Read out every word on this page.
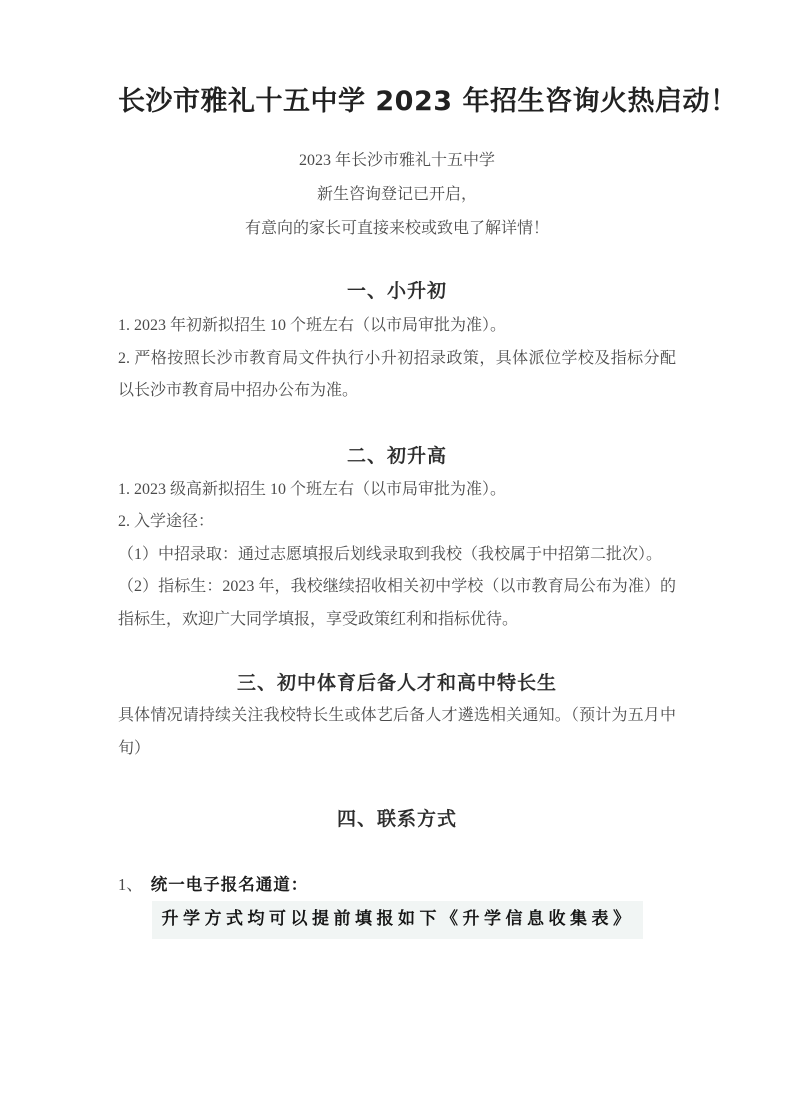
长沙市雅礼十五中学 2023 年招生咨询火热启动！
2023 年长沙市雅礼十五中学
新生咨询登记已开启，
有意向的家长可直接来校或致电了解详情！
一、小升初

1. 2023 年初新拟招生 10 个班左右（以市局审批为准）。

2. 严格按照长沙市教育局文件执行小升初招录政策，具体派位学校及指标分配以长沙市教育局中招办公布为准。

二、初升高

1. 2023 级高新拟招生 10 个班左右（以市局审批为准）。

2. 入学途径：

（1）中招录取：通过志愿填报后划线录取到我校（我校属于中招第二批次）。

（2）指标生：2023 年，我校继续招收相关初中学校（以市教育局公布为准）的指标生，欢迎广大同学填报，享受政策红利和指标优待。

三、初中体育后备人才和高中特长生

具体情况请持续关注我校特长生或体艺后备人才遴选相关通知。（预计为五月中旬）

四、联系方式

1、 统一电子报名通道：

升学方式均可以提前填报如下《升学信息收集表》
